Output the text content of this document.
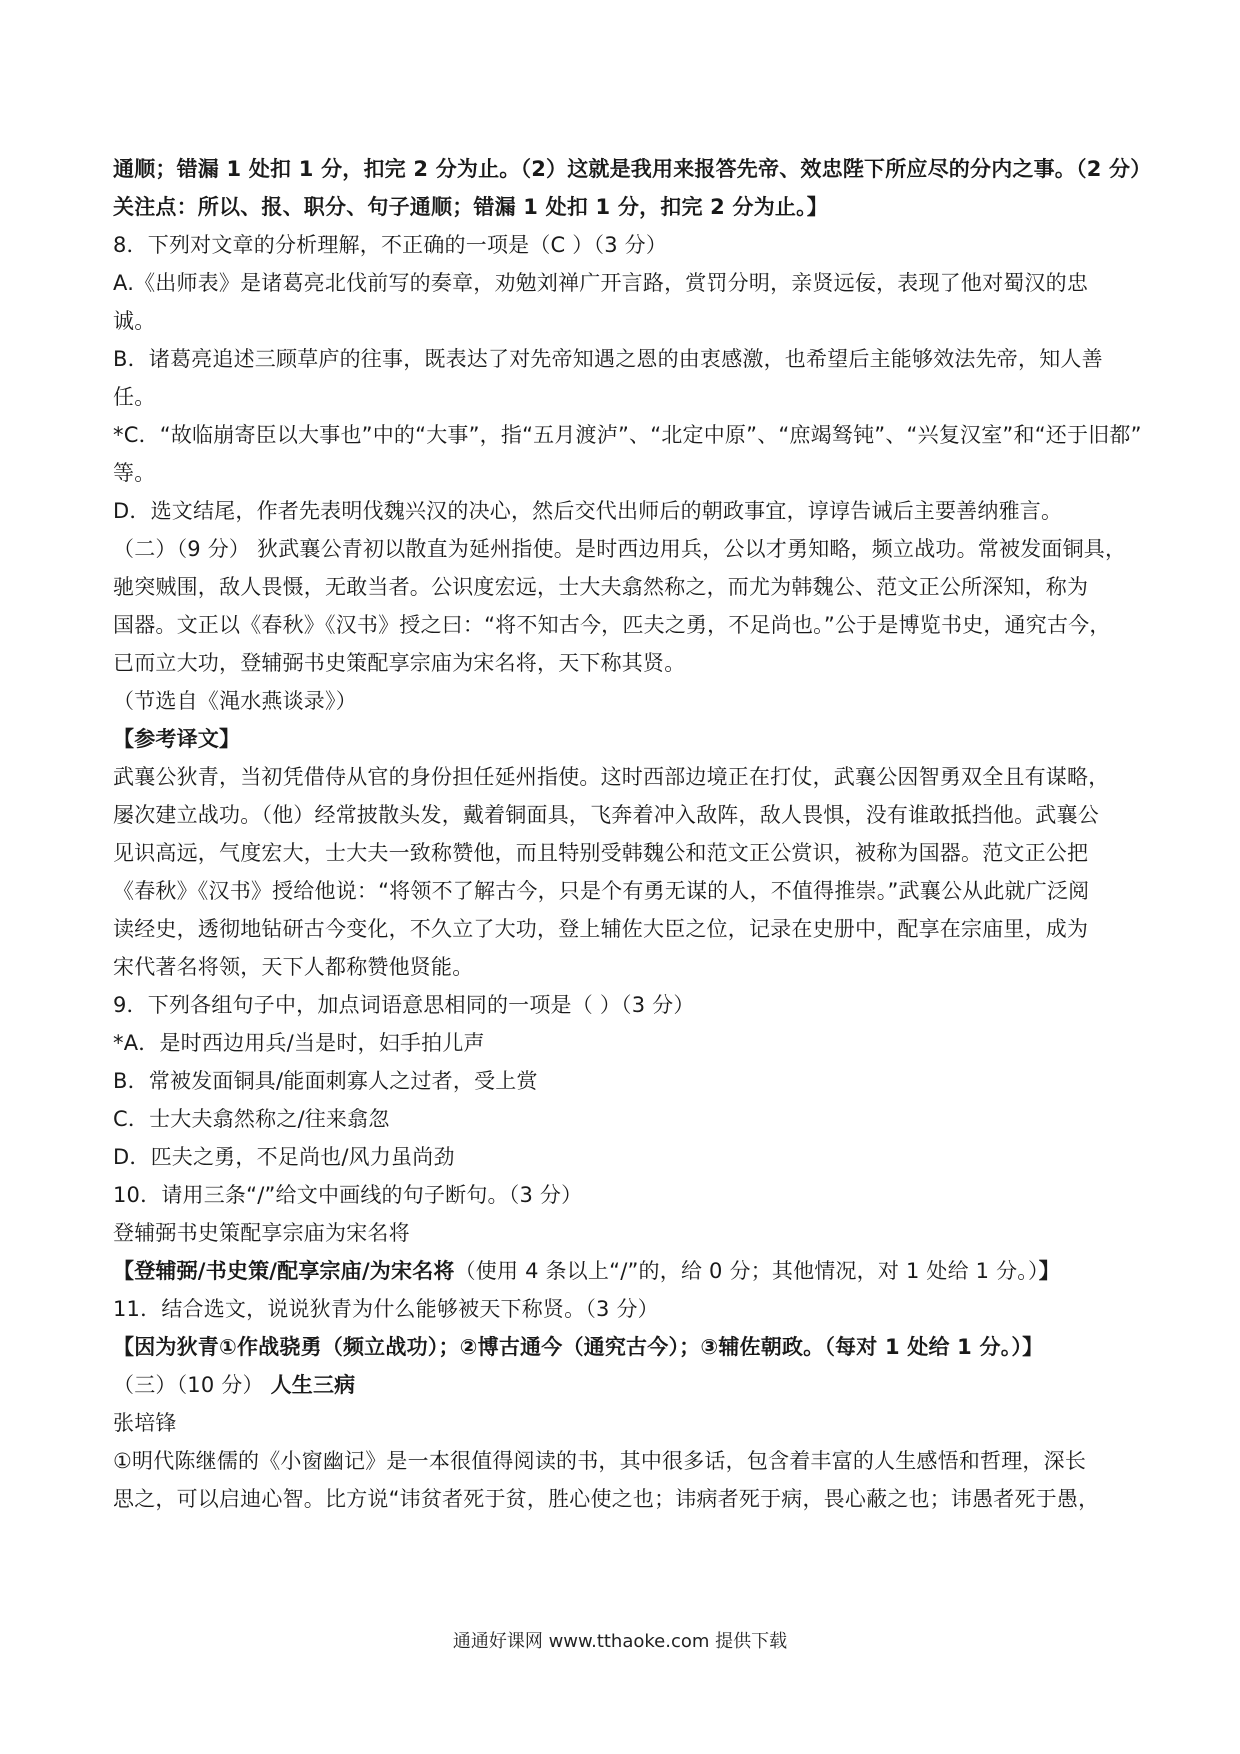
通顺；错漏 1 处扣 1 分，扣完 2 分为止。（2）这就是我用来报答先帝、效忠陛下所应尽的分内之事。（2 分）
关注点：所以、报、职分、句子通顺；错漏 1 处扣 1 分，扣完 2 分为止。】
8．下列对文章的分析理解，不正确的一项是（C ）（3 分）
A.《出师表》是诸葛亮北伐前写的奏章，劝勉刘禅广开言路，赏罚分明，亲贤远佞，表现了他对蜀汉的忠
诚。
B．诸葛亮追述三顾草庐的往事，既表达了对先帝知遇之恩的由衷感激，也希望后主能够效法先帝，知人善
任。
*C．“故临崩寄臣以大事也”中的“大事”，指“五月渡泸”、“北定中原”、“庶竭驽钝”、“兴复汉室”和“还于旧都”
等。
D．选文结尾，作者先表明伐魏兴汉的决心，然后交代出师后的朝政事宜，谆谆告诫后主要善纳雅言。
（二）（9 分） 狄武襄公青初以散直为延州指使。是时西边用兵，公以才勇知略，频立战功。常被发面铜具，
驰突贼围，敌人畏慑，无敢当者。公识度宏远，士大夫翕然称之，而尤为韩魏公、范文正公所深知，称为
国器。文正以《春秋》《汉书》授之曰：“将不知古今，匹夫之勇，不足尚也。”公于是博览书史，通究古今，
已而立大功，登辅弼书史策配享宗庙为宋名将，天下称其贤。
（节选自《渑水燕谈录》）
【参考译文】
武襄公狄青，当初凭借侍从官的身份担任延州指使。这时西部边境正在打仗，武襄公因智勇双全且有谋略，
屡次建立战功。（他）经常披散头发，戴着铜面具，飞奔着冲入敌阵，敌人畏惧，没有谁敢抵挡他。武襄公
见识高远，气度宏大，士大夫一致称赞他，而且特别受韩魏公和范文正公赏识，被称为国器。范文正公把
《春秋》《汉书》授给他说：“将领不了解古今，只是个有勇无谋的人，不值得推崇。”武襄公从此就广泛阅
读经史，透彻地钻研古今变化，不久立了大功，登上辅佐大臣之位，记录在史册中，配享在宗庙里，成为
宋代著名将领，天下人都称赞他贤能。
9．下列各组句子中，加点词语意思相同的一项是（ ）（3 分）
*A．是时西边用兵/当是时，妇手拍儿声
B．常被发面铜具/能面刺寡人之过者，受上赏
C．士大夫翕然称之/往来翕忽
D．匹夫之勇，不足尚也/风力虽尚劲
10．请用三条“/”给文中画线的句子断句。（3 分）
登辅弼书史策配享宗庙为宋名将
【登辅弼/书史策/配享宗庙/为宋名将（使用 4 条以上“/”的，给 0 分；其他情况，对 1 处给 1 分。）】
11．结合选文，说说狄青为什么能够被天下称贤。（3 分）
【因为狄青①作战骁勇（频立战功）；②博古通今（通究古今）；③辅佐朝政。（每对 1 处给 1 分。）】
（三）（10 分） 人生三病
张培锋
①明代陈继儒的《小窗幽记》是一本很值得阅读的书，其中很多话，包含着丰富的人生感悟和哲理，深长
思之，可以启迪心智。比方说“讳贫者死于贫，胜心使之也；讳病者死于病，畏心蔽之也；讳愚者死于愚，
通通好课网 www.tthaoke.com 提供下载
